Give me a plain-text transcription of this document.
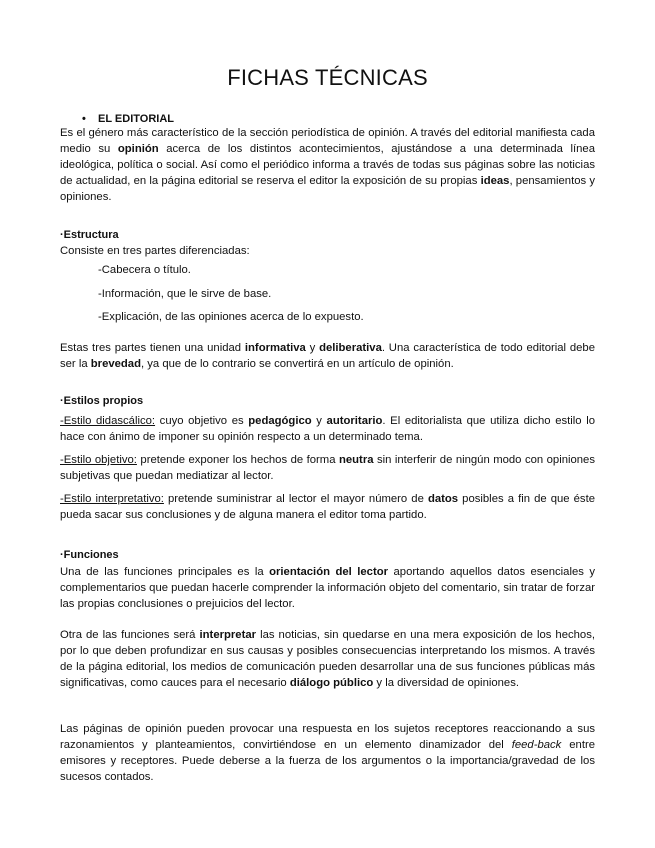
FICHAS TÉCNICAS
• EL EDITORIAL
Es el género más característico de la sección periodística de opinión. A través del editorial manifiesta cada medio su opinión acerca de los distintos acontecimientos, ajustándose a una determinada línea ideológica, política o social. Así como el periódico informa a través de todas sus páginas sobre las noticias de actualidad, en la página editorial se reserva el editor la exposición de su propias ideas, pensamientos y opiniones.
·Estructura
Consiste en tres partes diferenciadas:
-Cabecera o título.
-Información, que le sirve de base.
-Explicación, de las opiniones acerca de lo expuesto.
Estas tres partes tienen una unidad informativa y deliberativa. Una característica de todo editorial debe ser la brevedad, ya que de lo contrario se convertirá en un artículo de opinión.
·Estilos propios
-Estilo didascálico: cuyo objetivo es pedagógico y autoritario. El editorialista que utiliza dicho estilo lo hace con ánimo de imponer su opinión respecto a un determinado tema.
-Estilo objetivo: pretende exponer los hechos de forma neutra sin interferir de ningún modo con opiniones subjetivas que puedan mediatizar al lector.
-Estilo interpretativo: pretende suministrar al lector el mayor número de datos posibles a fin de que éste pueda sacar sus conclusiones y de alguna manera el editor toma partido.
·Funciones
Una de las funciones principales es la orientación del lector aportando aquellos datos esenciales y complementarios que puedan hacerle comprender la información objeto del comentario, sin tratar de forzar las propias conclusiones o prejuicios del lector.
Otra de las funciones será interpretar las noticias, sin quedarse en una mera exposición de los hechos, por lo que deben profundizar en sus causas y posibles consecuencias interpretando los mismos. A través de la página editorial, los medios de comunicación pueden desarrollar una de sus funciones públicas más significativas, como cauces para el necesario diálogo público y la diversidad de opiniones.
Las páginas de opinión pueden provocar una respuesta en los sujetos receptores reaccionando a sus razonamientos y planteamientos, convirtiéndose en un elemento dinamizador del feed-back entre emisores y receptores. Puede deberse a la fuerza de los argumentos o la importancia/gravedad de los sucesos contados.
